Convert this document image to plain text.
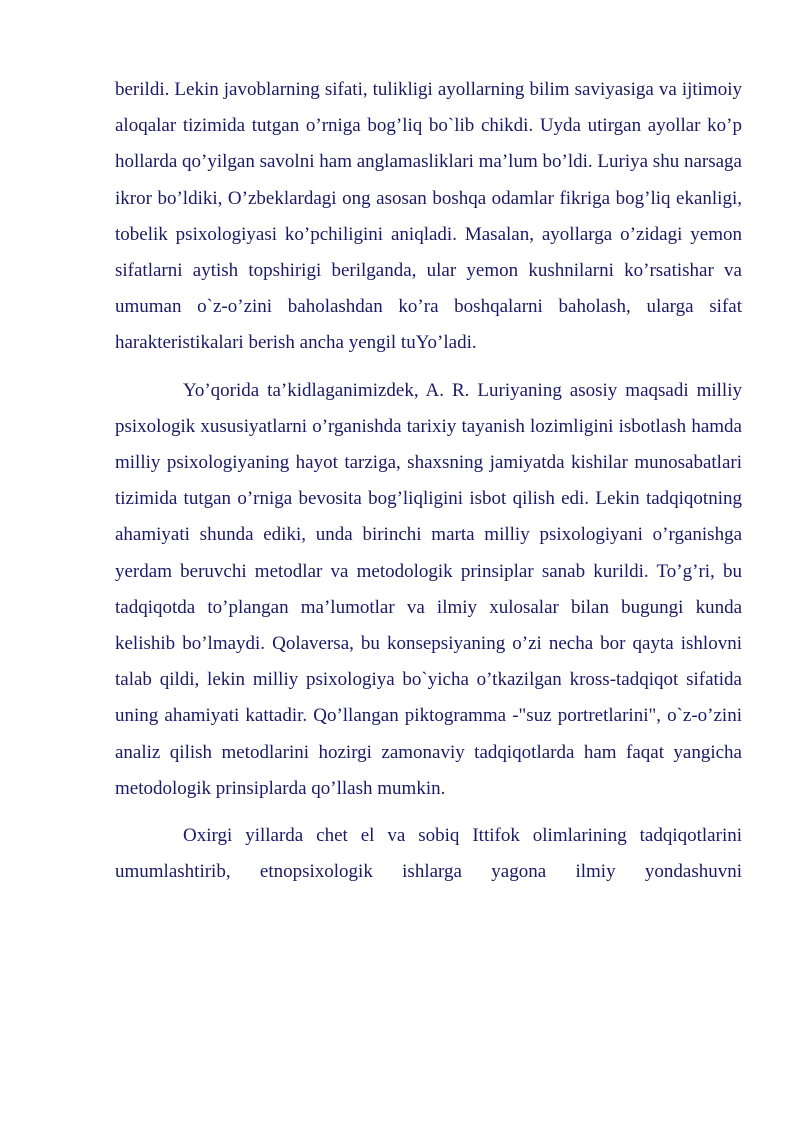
berildi. Lekin javoblarning sifati, tulikligi ayollarning bilim saviyasiga va ijtimoiy aloqalar tizimida tutgan o’rniga bog’liq bo`lib chikdi. Uyda utirgan ayollar ko’p hollarda qo’yilgan savolni ham anglamasliklari ma’lum bo’ldi. Luriya shu narsaga ikror bo’ldiki, O’zbeklardagi ong asosan boshqa odamlar fikriga bog’liq ekanligi, tobelik psixologiyasi ko’pchiligini aniqladi. Masalan, ayollarga o’zidagi yemon sifatlarni aytish topshirigi berilganda, ular yemon kushnilarni ko’rsatishar va umuman o`z-o’zini baholashdan ko’ra boshqalarni baholash, ularga sifat harakteristikalari berish ancha yengil tuYo’ladi.

Yo’qorida ta’kidlaganimizdek, A. R. Luriyaning asosiy maqsadi milliy psixologik xususiyatlarni o’rganishda tarixiy tayanish lozimligini isbotlash hamda milliy psixologiyaning hayot tarziga, shaxsning jamiyatda kishilar munosabatlari tizimida tutgan o’rniga bevosita bog’liqligini isbot qilish edi. Lekin tadqiqotning ahamiyati shunda ediki, unda birinchi marta milliy psixologiyani o’rganishga yerdam beruvchi metodlar va metodologik prinsiplar sanab kurildi. To’g’ri, bu tadqiqotda to’plangan ma’lumotlar va ilmiy xulosalar bilan bugungi kunda kelishib bo’lmaydi. Qolaversa, bu konsepsiyaning o’zi necha bor qayta ishlovni talab qildi, lekin milliy psixologiya bo`yicha o’tkazilgan kross-tadqiqot sifatida uning ahamiyati kattadir. Qo’llangan piktogramma -"suz portretlarini", o`z-o’zini analiz qilish metodlarini hozirgi zamonaviy tadqiqotlarda ham faqat yangicha metodologik prinsiplarda qo’llash mumkin.

Oxirgi yillarda chet el va sobiq Ittifok olimlarining tadqiqotlarini umumlashtirib, etnopsixologik ishlarga yagona ilmiy yondashuvni
